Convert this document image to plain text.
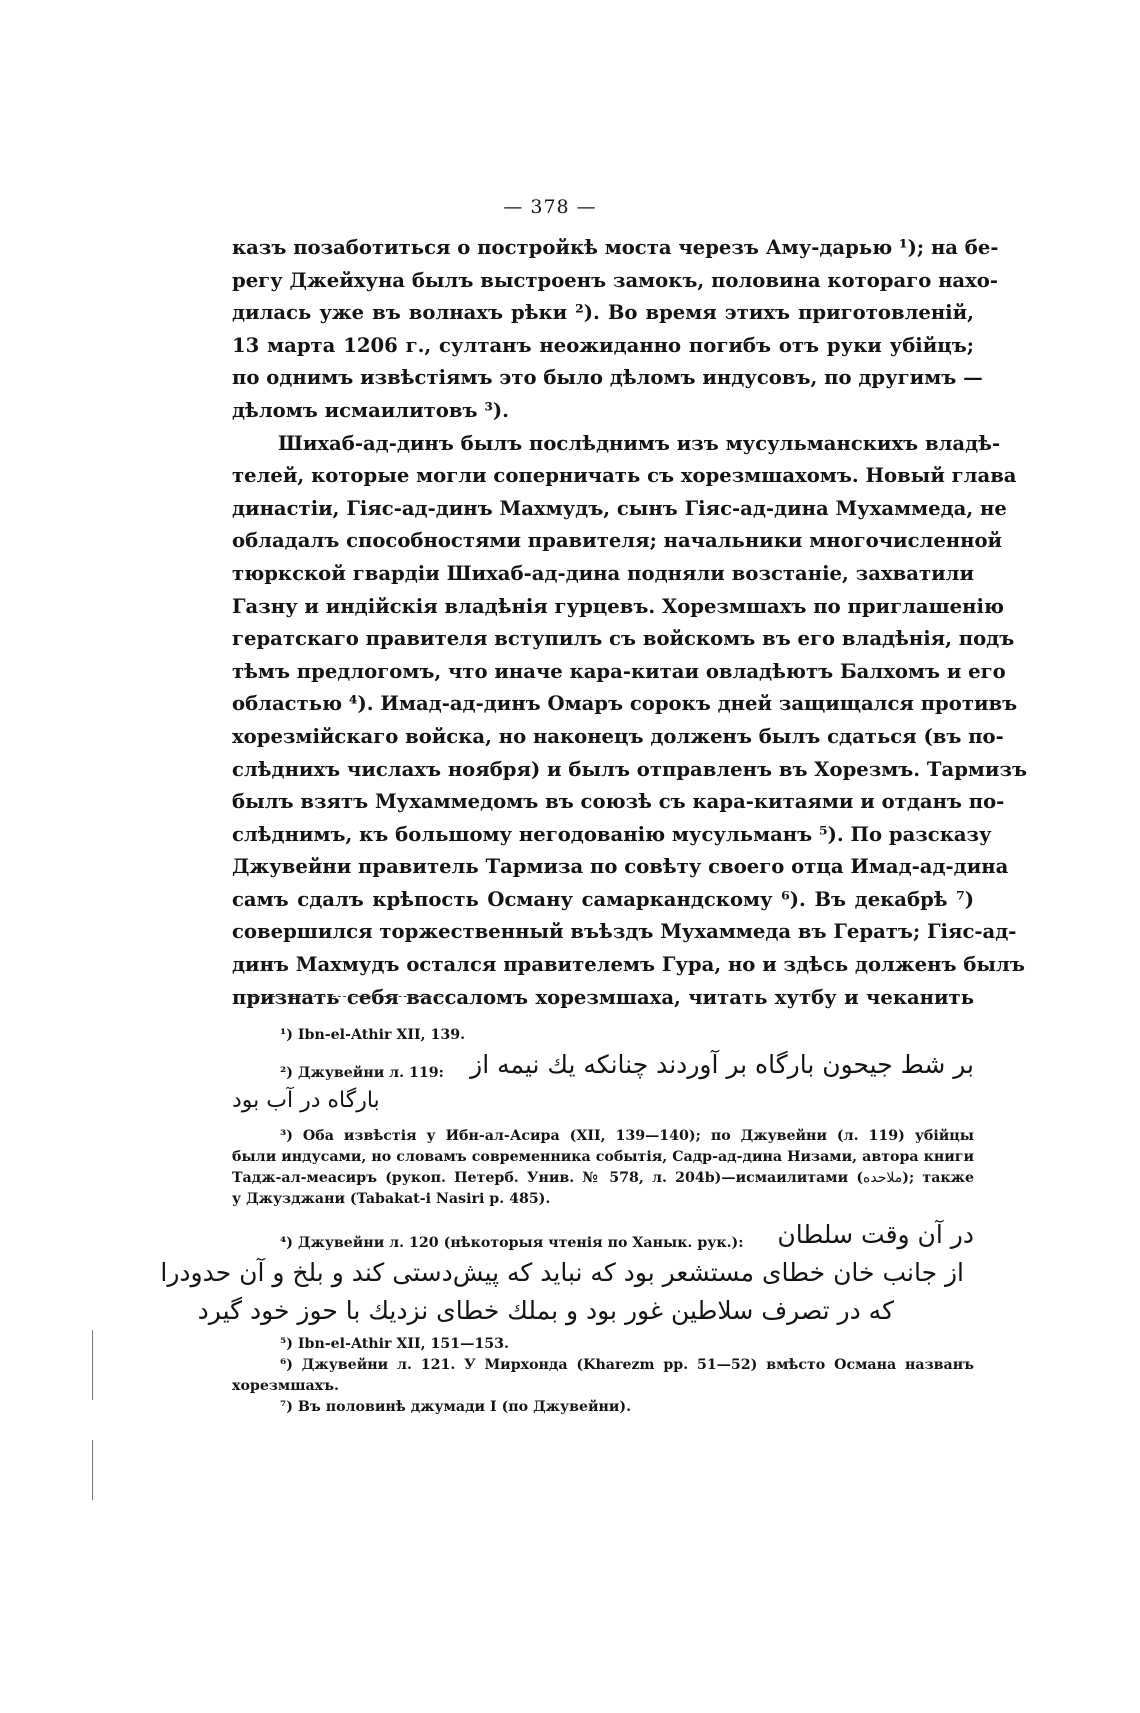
— 378 —

казъ позаботиться о постройкѣ моста черезъ Аму-дарью ¹); на бе-

регу Джейхуна былъ выстроенъ замокъ, половина котораго нахо-

дилась уже въ волнахъ рѣки ²). Во время этихъ приготовленій,

13 марта 1206 г., султанъ неожиданно погибъ отъ руки убійцъ;

по однимъ извѣстіямъ это было дѣломъ индусовъ, по другимъ —

дѣломъ исмаилитовъ ³).

Шихаб-ад-динъ былъ послѣднимъ изъ мусульманскихъ владѣ-

телей, которые могли соперничать съ хорезмшахомъ. Новый глава

династіи, Гіяс-ад-динъ Махмудъ, сынъ Гіяс-ад-дина Мухаммеда, не

обладалъ способностями правителя; начальники многочисленной

тюркской гвардіи Шихаб-ад-дина подняли возстаніе, захватили

Газну и индійскія владѣнія гурцевъ. Хорезмшахъ по приглашенію

гератскаго правителя вступилъ съ войскомъ въ его владѣнія, подъ

тѣмъ предлогомъ, что иначе кара-китаи овладѣютъ Балхомъ и его

областью ⁴). Имад-ад-динъ Омаръ сорокъ дней защищался противъ

хорезмійскаго войска, но наконецъ долженъ былъ сдаться (въ по-

слѣднихъ числахъ ноября) и былъ отправленъ въ Хорезмъ. Тармизъ

былъ взятъ Мухаммедомъ въ союзѣ съ кара-китаями и отданъ по-

слѣднимъ, къ большому негодованію мусульманъ ⁵). По разсказу

Джувейни правитель Тармиза по совѣту своего отца Имад-ад-дина

самъ сдалъ крѣпость Осману самаркандскому ⁶). Въ декабрѣ ⁷)

совершился торжественный въѣздъ Мухаммеда въ Гератъ; Гіяс-ад-

динъ Махмудъ остался правителемъ Гура, но и здѣсь долженъ былъ

признать себя вассаломъ хорезмшаха, читать хутбу и чеканить

¹) Ibn-el-Athir XII, 139.

²) Джувейни л. 119: بر شط جیحون بارگاه بر آوردند چنانکه یك نیمه از

بارگاه در آب بود

³) Оба извѣстія у Ибн-ал-Асира (XII, 139—140); по Джувейни (л. 119) убійцы

были индусами, но словамъ современника событія, Садр-ад-дина Низами, автора книги

Тадж-ал-меасиръ (рукоп. Петерб. Унив. № 578, л. 204b)—исмаилитами (ملاحده); также

у Джузджани (Tabakat-i Nasiri p. 485).

⁴) Джувейни л. 120 (нѣкоторыя чтенія по Ханык. рук.): در آن وقت سلطان

از جانب خان خطای مستشعر بود که نباید که پیش‌دستی کند و بلخ و آن حدودرا

که در تصرف سلاطین غور بود و بملك خطای نزدیك با حوز خود گیرد

⁵) Ibn-el-Athir XII, 151—153.

⁶) Джувейни л. 121. У Мирхонда (Kharezm pp. 51—52) вмѣсто Османа названъ

хорезмшахъ.

⁷) Въ половинѣ джумади I (по Джувейни).
